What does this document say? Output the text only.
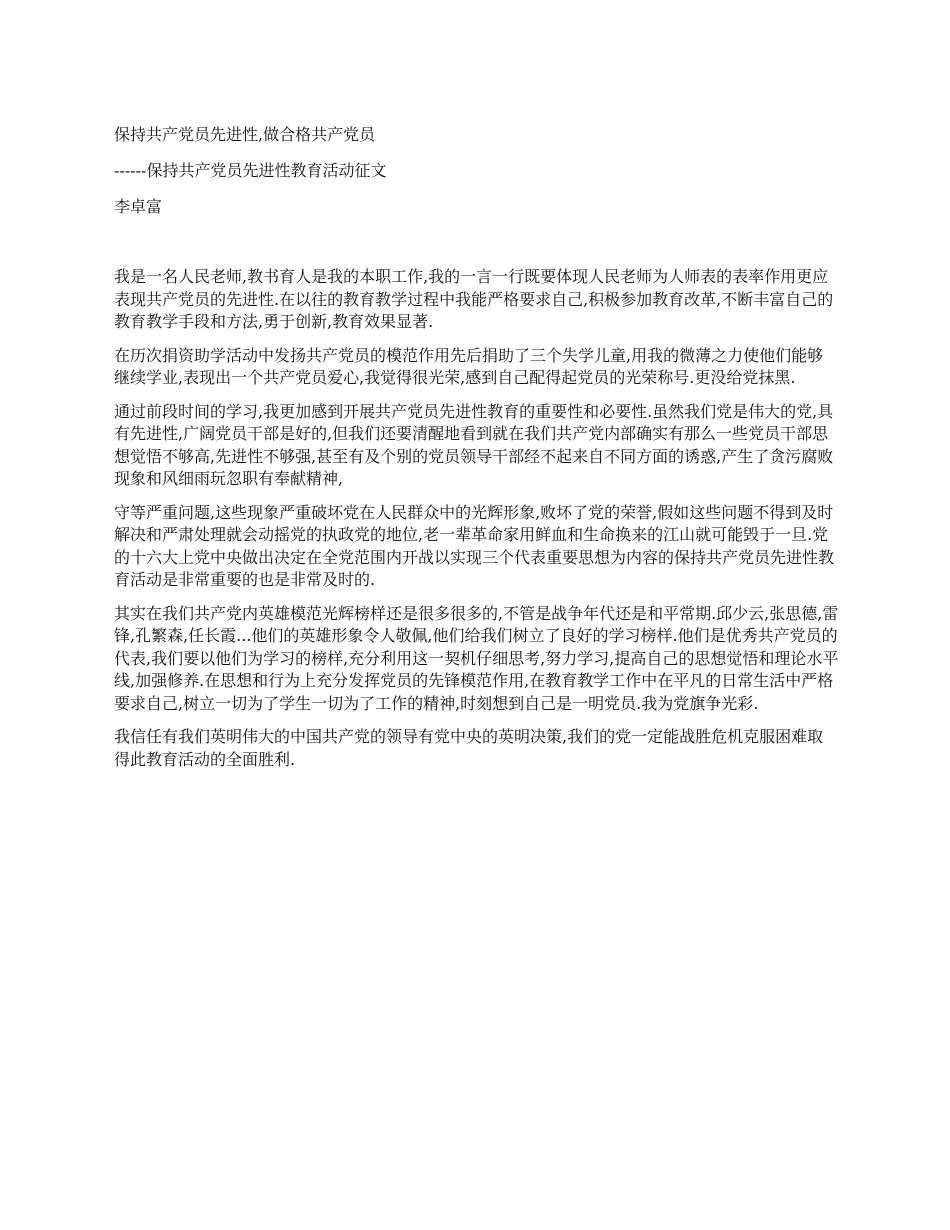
保持共产党员先进性,做合格共产党员

------保持共产党员先进性教育活动征文

李卓富

我是一名人民老师,教书育人是我的本职工作,我的一言一行既要体现人民老师为人师表的表率作用更应表现共产党员的先进性.在以往的教育教学过程中我能严格要求自己,积极参加教育改革,不断丰富自己的教育教学手段和方法,勇于创新,教育效果显著.

在历次捐资助学活动中发扬共产党员的模范作用先后捐助了三个失学儿童,用我的微薄之力使他们能够继续学业,表现出一个共产党员爱心,我觉得很光荣,感到自己配得起党员的光荣称号.更没给党抹黑.

通过前段时间的学习,我更加感到开展共产党员先进性教育的重要性和必要性.虽然我们党是伟大的党,具有先进性,广阔党员干部是好的,但我们还要清醒地看到就在我们共产党内部确实有那么一些党员干部思想觉悟不够高,先进性不够强,甚至有及个别的党员领导干部经不起来自不同方面的诱惑,产生了贪污腐败现象和风细雨玩忽职有奉献精神,

守等严重问题,这些现象严重破坏党在人民群众中的光辉形象,败坏了党的荣誉,假如这些问题不得到及时解决和严肃处理就会动摇党的执政党的地位,老一辈革命家用鲜血和生命换来的江山就可能毁于一旦.党的十六大上党中央做出决定在全党范围内开战以实现三个代表重要思想为内容的保持共产党员先进性教育活动是非常重要的也是非常及时的.

其实在我们共产党内英雄模范光辉榜样还是很多很多的,不管是战争年代还是和平常期.邱少云,张思德,雷锋,孔繁森,任长霞...他们的英雄形象令人敬佩,他们给我们树立了良好的学习榜样.他们是优秀共产党员的代表,我们要以他们为学习的榜样,充分利用这一契机仔细思考,努力学习,提高自己的思想觉悟和理论水平线,加强修养.在思想和行为上充分发挥党员的先锋模范作用,在教育教学工作中在平凡的日常生活中严格要求自己,树立一切为了学生一切为了工作的精神,时刻想到自己是一明党员.我为党旗争光彩.

我信任有我们英明伟大的中国共产党的领导有党中央的英明决策,我们的党一定能战胜危机克服困难取得此教育活动的全面胜利.
